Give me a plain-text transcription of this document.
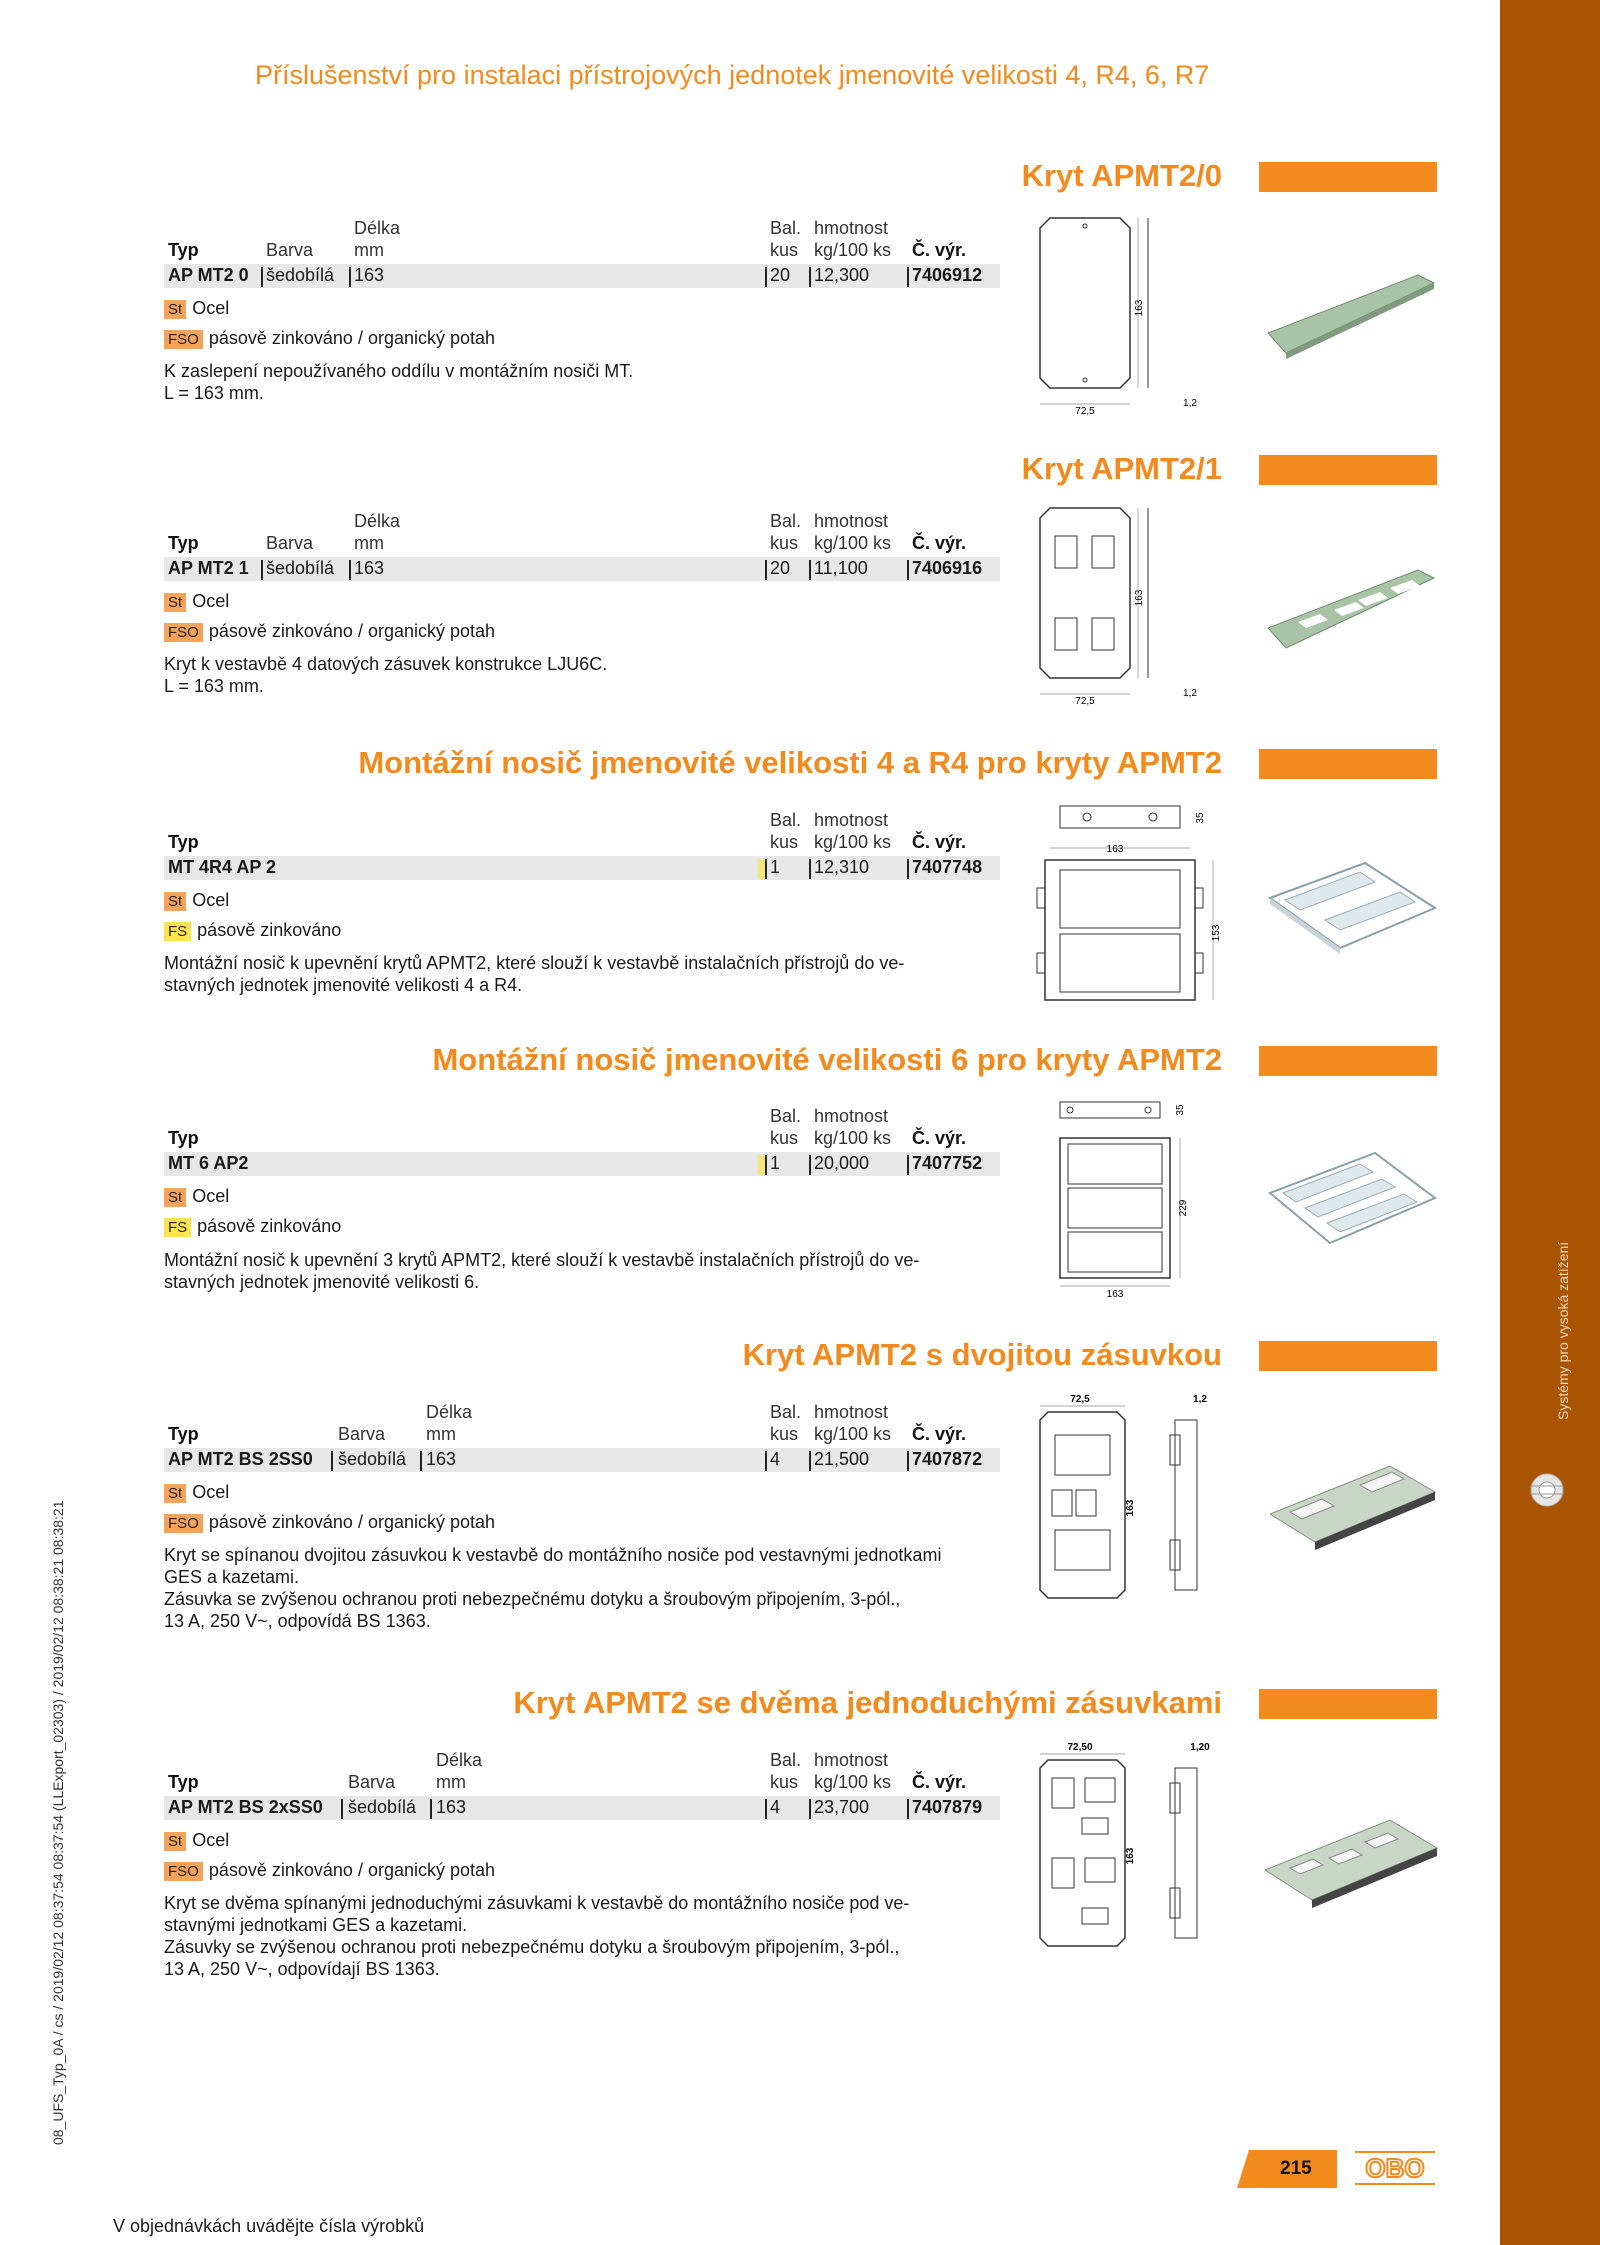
Příslušenství pro instalaci přístrojových jednotek jmenovité velikosti 4, R4, 6, R7
Kryt APMT2/0
Délka	Bal. hmotnost
Typ	Barva mm	kus kg/100 ks Č. výr.
AP MT2 0 šedobílá 163	20 12,300 7406912
St Ocel
FSO pásově zinkováno / organický potah
K zaslepení nepoužívaného oddílu v montážním nosiči MT.
L = 163 mm.
163
72,5
1,2
Kryt APMT2/1
Délka	Bal. hmotnost
Typ	Barva mm	kus kg/100 ks Č. výr.
AP MT2 1 šedobílá 163	20 11,100 7406916
St Ocel
FSO pásově zinkováno / organický potah
Kryt k vestavbě 4 datových zásuvek konstrukce LJU6C.
L = 163 mm.
163
72,5
1,2
Montážní nosič jmenovité velikosti 4 a R4 pro kryty APMT2
Bal. hmotnost
Typ	kus kg/100 ks Č. výr.
MT 4R4 AP 2	1 12,310 7407748
St Ocel
FS pásově zinkováno
Montážní nosič k upevnění krytů APMT2, které slouží k vestavbě instalačních přístrojů do ve-
stavných jednotek jmenovité velikosti 4 a R4.
35
163
153
Montážní nosič jmenovité velikosti 6 pro kryty APMT2
Bal. hmotnost
Typ	kus kg/100 ks Č. výr.
MT 6 AP2	1 20,000 7407752
St Ocel
FS pásově zinkováno
Montážní nosič k upevnění 3 krytů APMT2, které slouží k vestavbě instalačních přístrojů do ve-
stavných jednotek jmenovité velikosti 6.
35
229
163
Kryt APMT2 s dvojitou zásuvkou
Délka	Bal. hmotnost
Typ	Barva mm	kus kg/100 ks Č. výr.
AP MT2 BS 2SS0 šedobílá 163	4 21,500 7407872
St Ocel
FSO pásově zinkováno / organický potah
Kryt se spínanou dvojitou zásuvkou k vestavbě do montážního nosiče pod vestavnými jednotkami
GES a kazetami.
Zásuvka se zvýšenou ochranou proti nebezpečnému dotyku a šroubovým připojením, 3-pól.,
13 A, 250 V~, odpovídá BS 1363.
72,5	1,2
163
Kryt APMT2 se dvěma jednoduchými zásuvkami
Délka	Bal. hmotnost
Typ	Barva mm	kus kg/100 ks Č. výr.
AP MT2 BS 2xSS0 šedobílá 163	4 23,700 7407879
St Ocel
FSO pásově zinkováno / organický potah
Kryt se dvěma spínanými jednoduchými zásuvkami k vestavbě do montážního nosiče pod ve-
stavnými jednotkami GES a kazetami.
Zásuvky se zvýšenou ochranou proti nebezpečnému dotyku a šroubovým připojením, 3-pól.,
13 A, 250 V~, odpovídají BS 1363.
72,50	1,20
163
08_UFS_Typ_0A / cs / 2019/02/12 08:37:54 08:37:54 (LLExport_02303) / 2019/02/12 08:38:21 08:38:21
Systémy pro vysoká zatížení
V objednávkách uvádějte čísla výrobků
215 OBO
